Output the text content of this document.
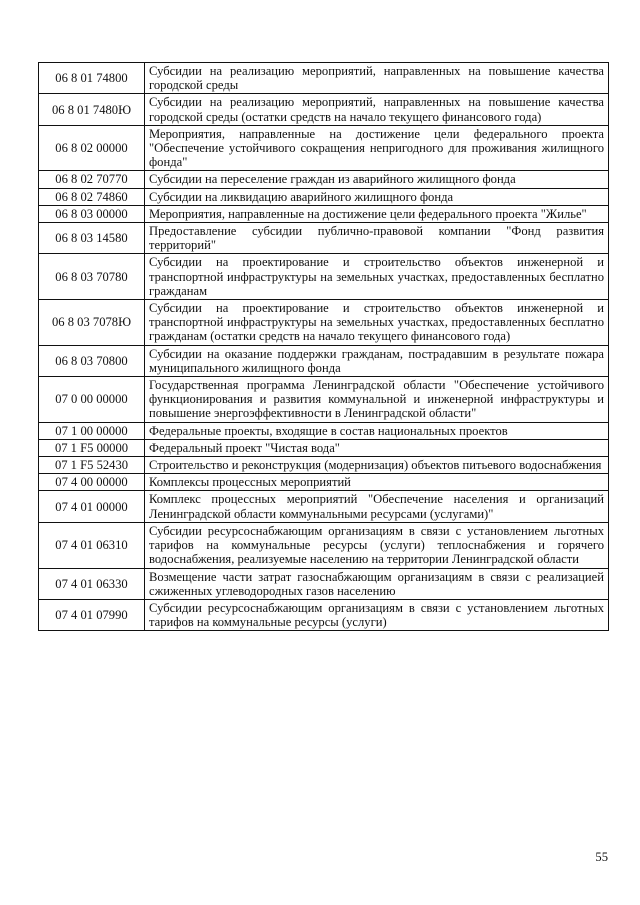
06 8 01 74800	Субсидии на реализацию мероприятий, направленных на повышение качества городской среды
06 8 01 7480Ю	Субсидии на реализацию мероприятий, направленных на повышение качества городской среды (остатки средств на начало текущего финансового года)
06 8 02 00000	Мероприятия, направленные на достижение цели федерального проекта "Обеспечение устойчивого сокращения непригодного для проживания жилищного фонда"
06 8 02 70770	Субсидии на переселение граждан из аварийного жилищного фонда
06 8 02 74860	Субсидии на ликвидацию аварийного жилищного фонда
06 8 03 00000	Мероприятия, направленные на достижение цели федерального проекта "Жилье"
06 8 03 14580	Предоставление субсидии публично-правовой компании "Фонд развития территорий"
06 8 03 70780	Субсидии на проектирование и строительство объектов инженерной и транспортной инфраструктуры на земельных участках, предоставленных бесплатно гражданам
06 8 03 7078Ю	Субсидии на проектирование и строительство объектов инженерной и транспортной инфраструктуры на земельных участках, предоставленных бесплатно гражданам (остатки средств на начало текущего финансового года)
06 8 03 70800	Субсидии на оказание поддержки гражданам, пострадавшим в результате пожара муниципального жилищного фонда
07 0 00 00000	Государственная программа Ленинградской области "Обеспечение устойчивого функционирования и развития коммунальной и инженерной инфраструктуры и повышение энергоэффективности в Ленинградской области"
07 1 00 00000	Федеральные проекты, входящие в состав национальных проектов
07 1 F5 00000	Федеральный проект "Чистая вода"
07 1 F5 52430	Строительство и реконструкция (модернизация) объектов питьевого водоснабжения
07 4 00 00000	Комплексы процессных мероприятий
07 4 01 00000	Комплекс процессных мероприятий "Обеспечение населения и организаций Ленинградской области коммунальными ресурсами (услугами)"
07 4 01 06310	Субсидии ресурсоснабжающим организациям в связи с установлением льготных тарифов на коммунальные ресурсы (услуги) теплоснабжения и горячего водоснабжения, реализуемые населению на территории Ленинградской области
07 4 01 06330	Возмещение части затрат газоснабжающим организациям в связи с реализацией сжиженных углеводородных газов населению
07 4 01 07990	Субсидии ресурсоснабжающим организациям в связи с установлением льготных тарифов на коммунальные ресурсы (услуги)
55
